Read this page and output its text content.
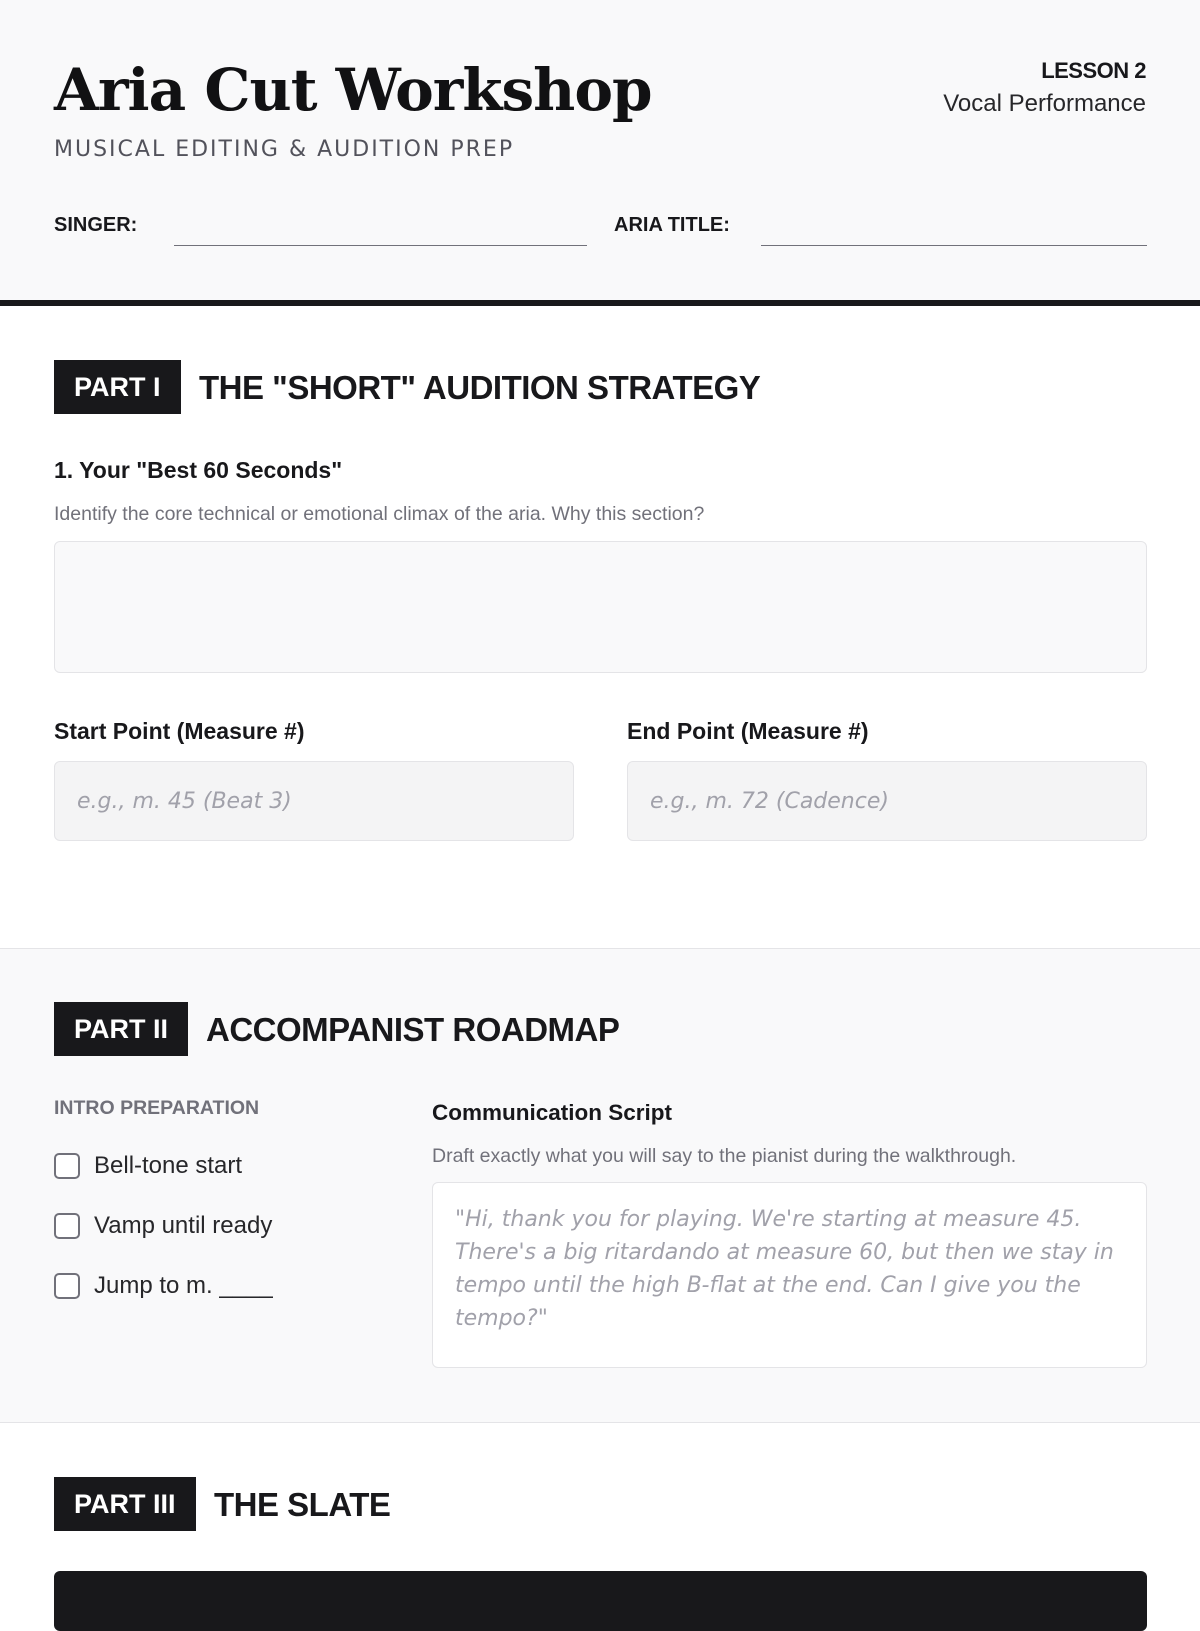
Aria Cut Workshop
MUSICAL EDITING & AUDITION PREP
LESSON 2
Vocal Performance
SINGER:	ARIA TITLE:
PART I	THE "SHORT" AUDITION STRATEGY
1. Your "Best 60 Seconds"
Identify the core technical or emotional climax of the aria. Why this section?
Start Point (Measure #)
e.g., m. 45 (Beat 3)	End Point (Measure #)
e.g., m. 72 (Cadence)
PART II	ACCOMPANIST ROADMAP
INTRO PREPARATION
Bell-tone start
Vamp until ready
Jump to m. ____
Communication Script
Draft exactly what you will say to the pianist during the walkthrough.
"Hi, thank you for playing. We're starting at measure 45. There's a big ritardando at measure 60, but then we stay in tempo until the high B-flat at the end. Can I give you the tempo?"
PART III	THE SLATE
